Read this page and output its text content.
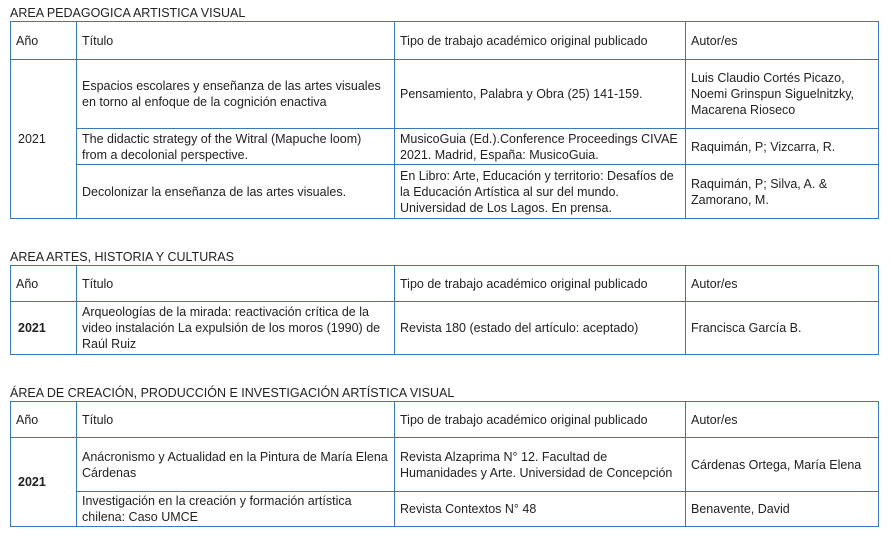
AREA PEDAGOGICA ARTISTICA VISUAL
Año	Título	Tipo de trabajo académico original publicado	Autor/es
2021	Espacios escolares y enseñanza de las artes visuales en torno al enfoque de la cognición enactiva	Pensamiento, Palabra y Obra (25) 141-159.	Luis Claudio Cortés Picazo, Noemi Grinspun Siguelnitzky, Macarena Rioseco
	The didactic strategy of the Witral (Mapuche loom) from a decolonial perspective.	MusicoGuia (Ed.).Conference Proceedings CIVAE 2021. Madrid, España: MusicoGuia.	Raquimán, P; Vizcarra, R.
	Decolonizar la enseñanza de las artes visuales.	En Libro: Arte, Educación y territorio: Desafíos de la Educación Artística al sur del mundo. Universidad de Los Lagos. En prensa.	Raquimán, P; Silva, A. & Zamorano, M.
AREA ARTES, HISTORIA Y CULTURAS
Año	Título	Tipo de trabajo académico original publicado	Autor/es
2021	Arqueologías de la mirada: reactivación crítica de la video instalación La expulsión de los moros (1990) de Raúl Ruiz	Revista 180 (estado del artículo: aceptado)	Francisca García B.
ÁREA DE CREACIÓN, PRODUCCIÓN E INVESTIGACIÓN ARTÍSTICA VISUAL
Año	Título	Tipo de trabajo académico original publicado	Autor/es
2021	Anácronismo y Actualidad en la Pintura de María Elena Cárdenas	Revista Alzaprima N° 12. Facultad de Humanidades y Arte. Universidad de Concepción	Cárdenas Ortega, María Elena
	Investigación en la creación y formación artística chilena: Caso UMCE	Revista Contextos N° 48	Benavente, David
